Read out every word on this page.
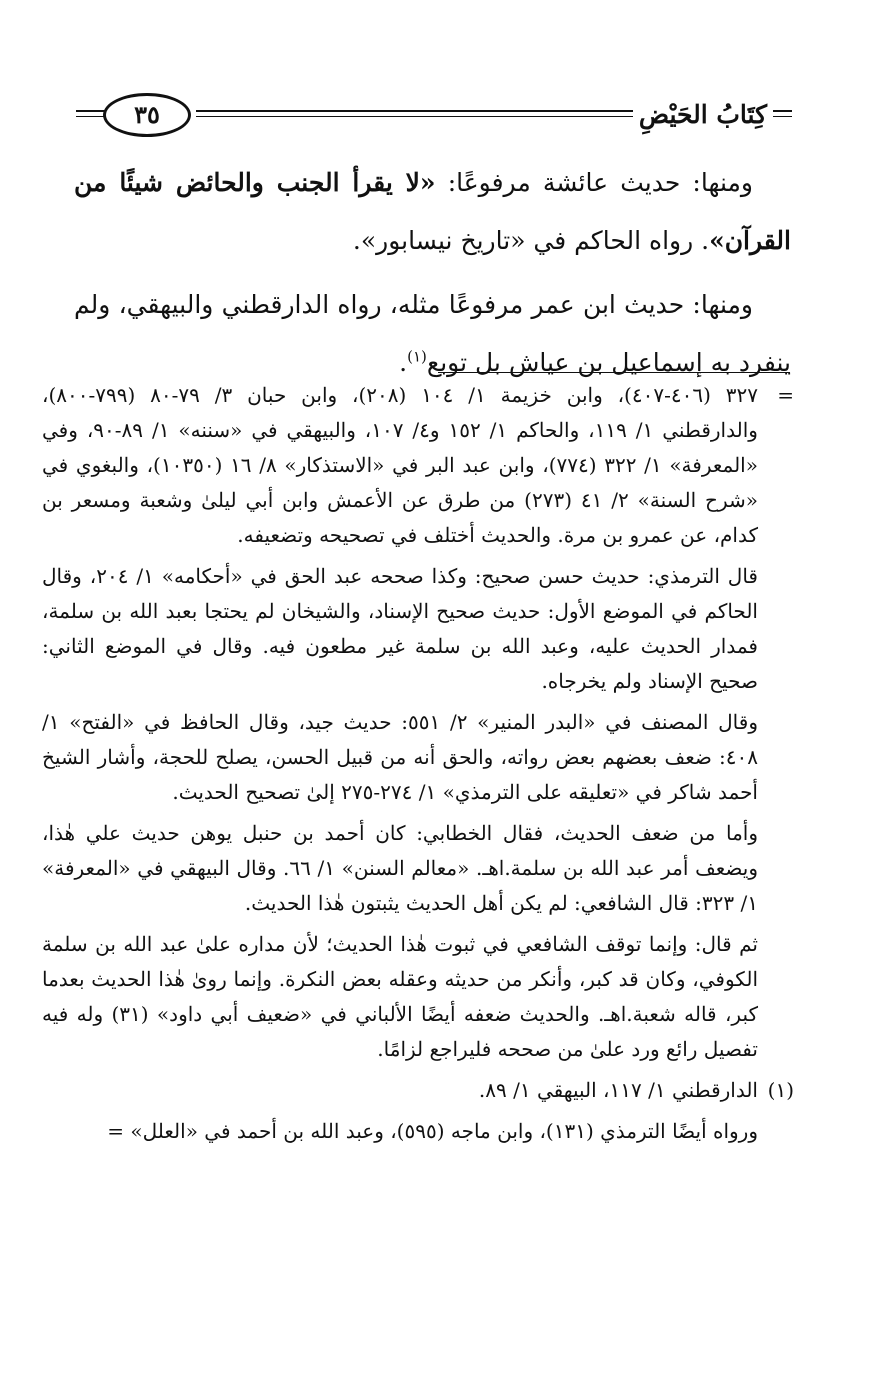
٣٥	كِتَابُ الحَيْضِ

ومنها: حديث عائشة مرفوعًا: «لا يقرأ الجنب والحائض شيئًا من القرآن». رواه الحاكم في «تاريخ نيسابور».

ومنها: حديث ابن عمر مرفوعًا مثله، رواه الدارقطني والبيهقي، ولم ينفرد به إسماعيل بن عياش بل توبع$^{(١)}$.

=
٣٢٧ (٤٠٦-٤٠٧)، وابن خزيمة ١/ ١٠٤ (٢٠٨)، وابن حبان ٣/ ٧٩-٨٠ (٧٩٩-٨٠٠)، والدارقطني ١/ ١١٩، والحاكم ١/ ١٥٢ و٤/ ١٠٧، والبيهقي في «سننه» ١/ ٨٩-٩٠، وفي «المعرفة» ١/ ٣٢٢ (٧٧٤)، وابن عبد البر في «الاستذكار» ٨/ ١٦ (١٠٣٥٠)، والبغوي في «شرح السنة» ٢/ ٤١ (٢٧٣) من طرق عن الأعمش وابن أبي ليلىٰ وشعبة ومسعر بن كدام، عن عمرو بن مرة. والحديث أختلف في تصحيحه وتضعيفه.
قال الترمذي: حديث حسن صحيح: وكذا صححه عبد الحق في «أحكامه» ١/ ٢٠٤، وقال الحاكم في الموضع الأول: حديث صحيح الإسناد، والشيخان لم يحتجا بعبد الله بن سلمة، فمدار الحديث عليه، وعبد الله بن سلمة غير مطعون فيه. وقال في الموضع الثاني: صحيح الإسناد ولم يخرجاه.
وقال المصنف في «البدر المنير» ٢/ ٥٥١: حديث جيد، وقال الحافظ في «الفتح» ١/ ٤٠٨: ضعف بعضهم بعض رواته، والحق أنه من قبيل الحسن، يصلح للحجة، وأشار الشيخ أحمد شاكر في «تعليقه على الترمذي» ١/ ٢٧٤-٢٧٥ إلىٰ تصحيح الحديث.
وأما من ضعف الحديث، فقال الخطابي: كان أحمد بن حنبل يوهن حديث علي هٰذا، ويضعف أمر عبد الله بن سلمة.اهـ. «معالم السنن» ١/ ٦٦. وقال البيهقي في «المعرفة» ١/ ٣٢٣: قال الشافعي: لم يكن أهل الحديث يثبتون هٰذا الحديث.
ثم قال: وإنما توقف الشافعي في ثبوت هٰذا الحديث؛ لأن مداره علىٰ عبد الله بن سلمة الكوفي، وكان قد كبر، وأنكر من حديثه وعقله بعض النكرة. وإنما روىٰ هٰذا الحديث بعدما كبر، قاله شعبة.اهـ. والحديث ضعفه أيضًا الألباني في «ضعيف أبي داود» (٣١) وله فيه تفصيل رائع ورد علىٰ من صححه فليراجع لزامًا.
(١)
الدارقطني ١/ ١١٧، البيهقي ١/ ٨٩.
ورواه أيضًا الترمذي (١٣١)، وابن ماجه (٥٩٥)، وعبد الله بن أحمد في «العلل» =
